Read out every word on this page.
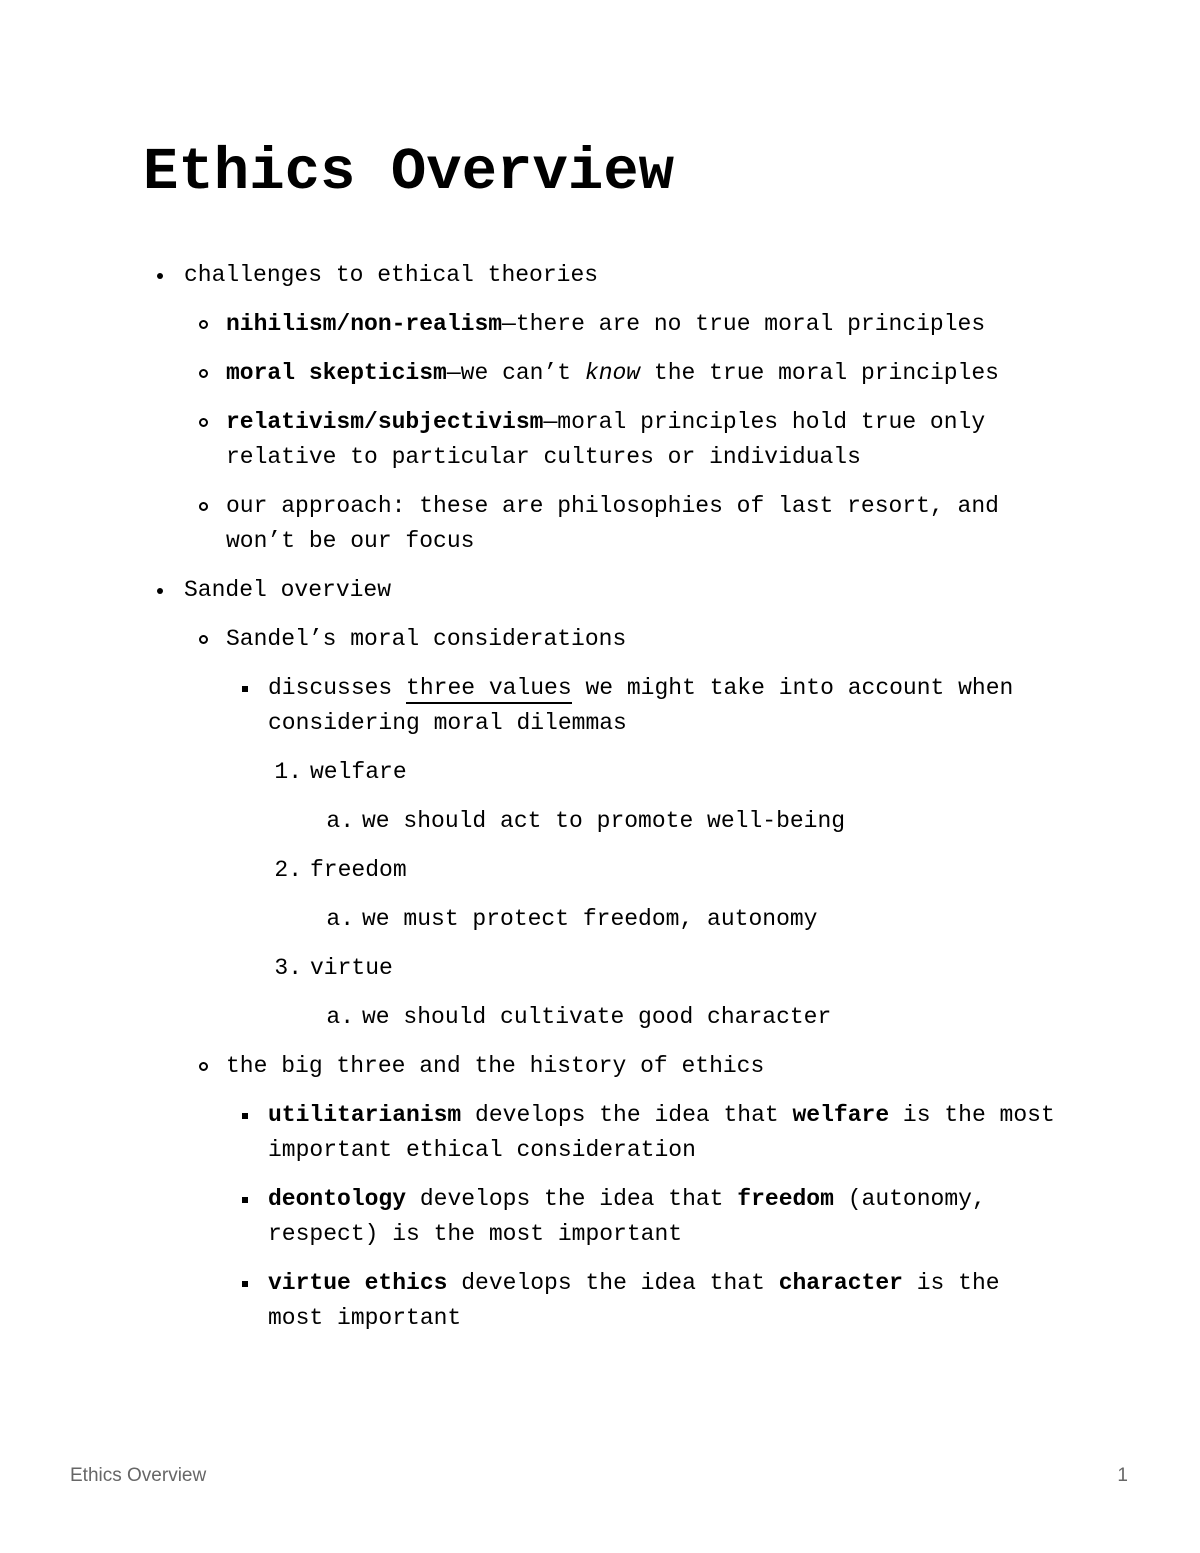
Ethics Overview
challenges to ethical theories
nihilism/non-realism—there are no true moral principles
moral skepticism—we can’t know the true moral principles
relativism/subjectivism—moral principles hold true only relative to particular cultures or individuals
our approach: these are philosophies of last resort, and won’t be our focus
Sandel overview
Sandel’s moral considerations
discusses three values we might take into account when considering moral dilemmas
1. welfare
a. we should act to promote well-being
2. freedom
a. we must protect freedom, autonomy
3. virtue
a. we should cultivate good character
the big three and the history of ethics
utilitarianism develops the idea that welfare is the most important ethical consideration
deontology develops the idea that freedom (autonomy, respect) is the most important
virtue ethics develops the idea that character is the most important
Ethics Overview	1
